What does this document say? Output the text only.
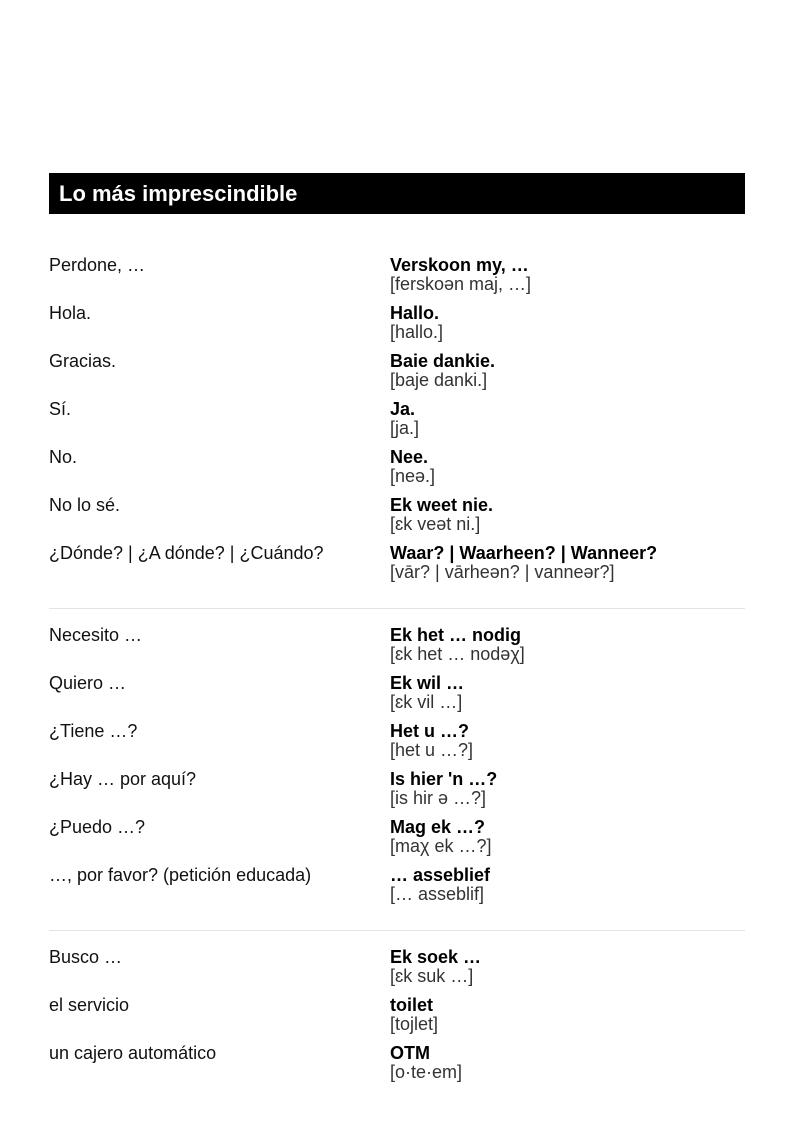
Lo más imprescindible
Perdone, …	Verskoon my, …
[ferskoən maj, …]
Hola.	Hallo.
[hallo.]
Gracias.	Baie dankie.
[baje danki.]
Sí.	Ja.
[ja.]
No.	Nee.
[neə.]
No lo sé.	Ek weet nie.
[ɛk veət ni.]
¿Dónde? | ¿A dónde? | ¿Cuándo?	Waar? | Waarheen? | Wanneer?
[vār? | vārheən? | vanneər?]
Necesito …	Ek het … nodig
[ɛk het … nodəχ]
Quiero …	Ek wil …
[ɛk vil …]
¿Tiene …?	Het u …?
[het u …?]
¿Hay … por aquí?	Is hier 'n …?
[is hir ə …?]
¿Puedo …?	Mag ek …?
[maχ ek …?]
…, por favor? (petición educada)	… asseblief
[… asseblif]
Busco …	Ek soek …
[ɛk suk …]
el servicio	toilet
[tojlet]
un cajero automático	OTM
[o·te·em]
